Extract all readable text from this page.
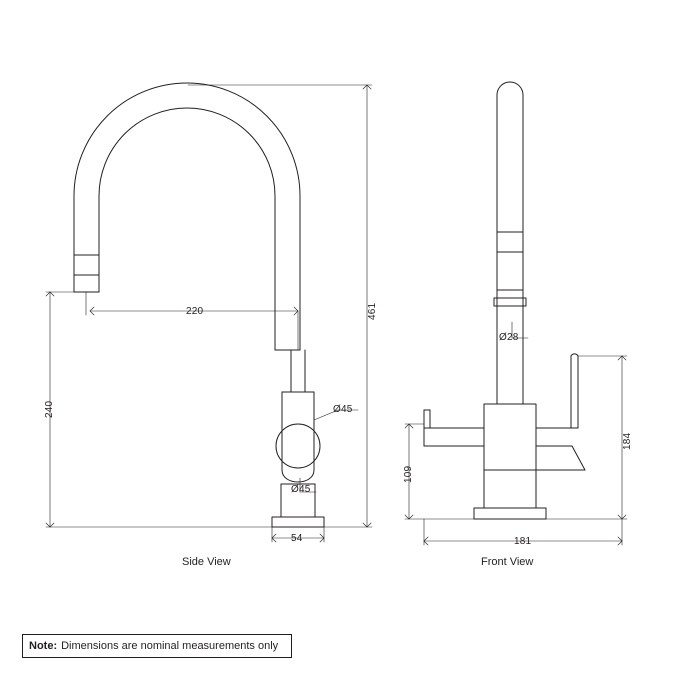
461
220
240
54
Ø45
Ø45
Side View
Ø28
184
109
181
Front View
Note: Dimensions are nominal measurements only
